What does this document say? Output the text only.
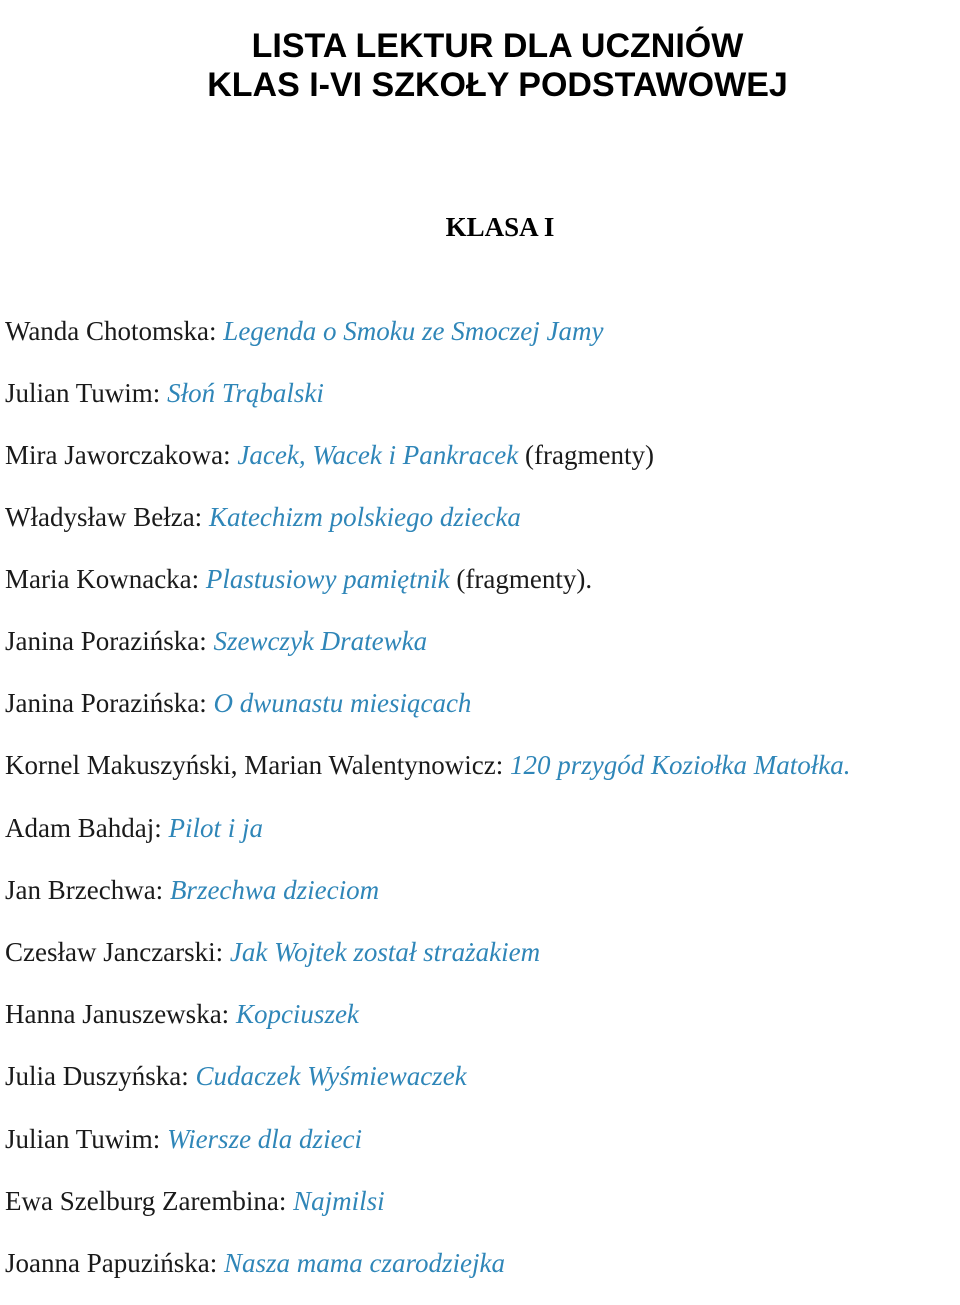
LISTA LEKTUR DLA UCZNIÓW
KLAS I-VI SZKOŁY PODSTAWOWEJ
KLASA I
Wanda Chotomska: Legenda o Smoku ze Smoczej Jamy
Julian Tuwim: Słoń Trąbalski
Mira Jaworczakowa: Jacek, Wacek i Pankracek (fragmenty)
Władysław Bełza: Katechizm polskiego dziecka
Maria Kownacka: Plastusiowy pamiętnik (fragmenty).
Janina Porazińska: Szewczyk Dratewka
Janina Porazińska: O dwunastu miesiącach
Kornel Makuszyński, Marian Walentynowicz: 120 przygód Koziołka Matołka.
Adam Bahdaj: Pilot i ja
Jan Brzechwa: Brzechwa dzieciom
Czesław Janczarski: Jak Wojtek został strażakiem
Hanna Januszewska: Kopciuszek
Julia Duszyńska: Cudaczek Wyśmiewaczek
Julian Tuwim: Wiersze dla dzieci
Ewa Szelburg Zarembina: Najmilsi
Joanna Papuzińska: Nasza mama czarodziejka
